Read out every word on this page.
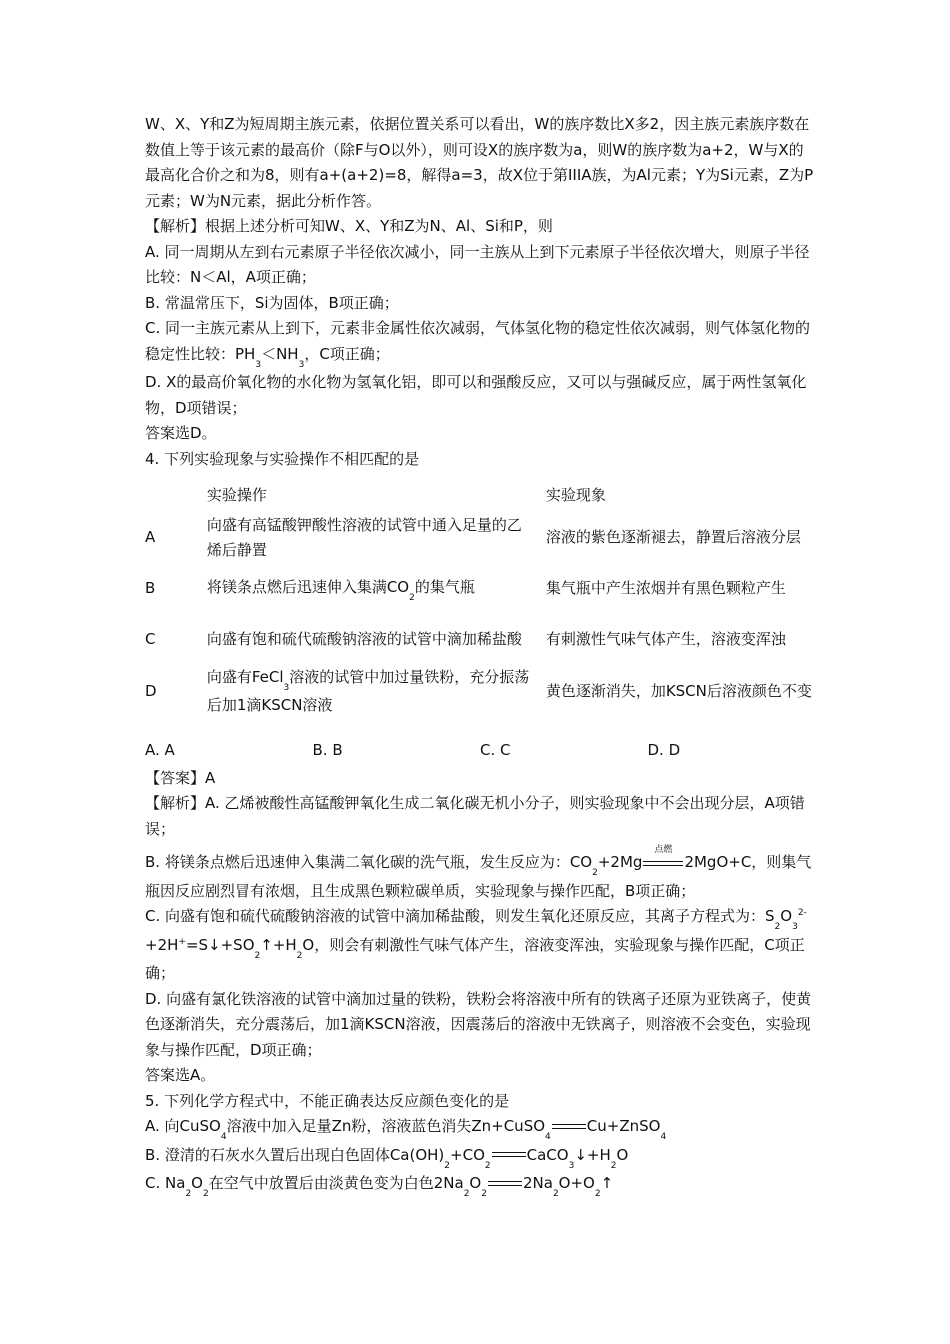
W、X、Y和Z为短周期主族元素，依据位置关系可以看出，W的族序数比X多2，因主族元素族序数在数值上等于该元素的最高价（除F与O以外），则可设X的族序数为a，则W的族序数为a+2，W与X的最高化合价之和为8，则有a+(a+2)=8，解得a=3，故X位于第IIIA族，为Al元素；Y为Si元素，Z为P元素；W为N元素，据此分析作答。

【解析】根据上述分析可知W、X、Y和Z为N、Al、Si和P，则

A. 同一周期从左到右元素原子半径依次减小，同一主族从上到下元素原子半径依次增大，则原子半径比较：N＜Al，A项正确；

B. 常温常压下，Si为固体，B项正确；

C. 同一主族元素从上到下，元素非金属性依次减弱，气体氢化物的稳定性依次减弱，则气体氢化物的稳定性比较：$PH_3<NH_3$，C项正确；

D. X的最高价氧化物的水化物为氢氧化铝，即可以和强酸反应，又可以与强碱反应，属于两性氢氧化物，D项错误；

答案选D。

4. 下列实验现象与实验操作不相匹配的是

	实验操作	实验现象
A	向盛有高锰酸钾酸性溶液的试管中通入足量的乙烯后静置	溶液的紫色逐渐褪去，静置后溶液分层
B	将镁条点燃后迅速伸入集满$CO_2$的集气瓶	集气瓶中产生浓烟并有黑色颗粒产生
C	向盛有饱和硫代硫酸钠溶液的试管中滴加稀盐酸	有刺激性气味气体产生，溶液变浑浊
D	向盛有FeCl$_3$溶液的试管中加过量铁粉，充分振荡后加1滴KSCN溶液	黄色逐渐消失，加KSCN后溶液颜色不变
A. A	B. B	C. C	D. D

【答案】A

【解析】A. 乙烯被酸性高锰酸钾氧化生成二氧化碳无机小分子，则实验现象中不会出现分层，A项错误；

B. 将镁条点燃后迅速伸入集满二氧化碳的洗气瓶，发生反应为：$CO_2+2Mg$
点燃
2MgO+C，则集气瓶因反应剧烈冒有浓烟，且生成黑色颗粒碳单质，实验现象与操作匹配，B项正确；

C. 向盛有饱和硫代硫酸钠溶液的试管中滴加稀盐酸，则发生氧化还原反应，其离子方程式为：$S_2O_3^{2-}+2H^+=S↓+SO_2↑+H_2O$，则会有刺激性气味气体产生，溶液变浑浊，实验现象与操作匹配，C项正确；

D. 向盛有氯化铁溶液的试管中滴加过量的铁粉，铁粉会将溶液中所有的铁离子还原为亚铁离子，使黄色逐渐消失，充分震荡后，加1滴KSCN溶液，因震荡后的溶液中无铁离子，则溶液不会变色，实验现象与操作匹配，D项正确；

答案选A。

5. 下列化学方程式中，不能正确表达反应颜色变化的是

A. 向CuSO$_4$溶液中加入足量Zn粉，溶液蓝色消失Zn+CuSO$_4$
Cu+ZnSO$_4$

B. 澄清的石灰水久置后出现白色固体$Ca(OH)_2+CO_2$
$CaCO_3↓+H_2O$

C. $Na_2O_2$在空气中放置后由淡黄色变为白色$2Na_2O_2$
$2Na_2O+O_2↑$
